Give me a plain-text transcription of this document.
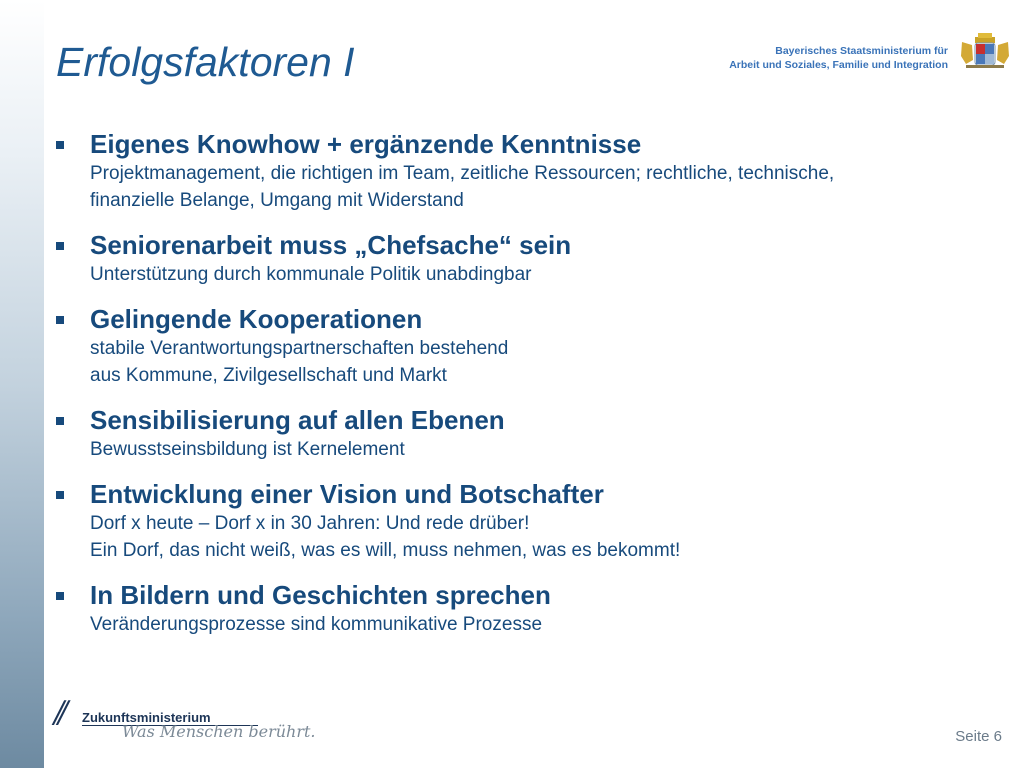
Erfolgsfaktoren I	Bayerisches Staatsministerium für
Arbeit und Soziales, Familie und Integration
Eigenes Knowhow + ergänzende Kenntnisse
Projektmanagement, die richtigen im Team, zeitliche Ressourcen; rechtliche, technische,
finanzielle Belange, Umgang mit Widerstand
Seniorenarbeit muss „Chefsache“ sein
Unterstützung durch kommunale Politik unabdingbar
Gelingende Kooperationen
stabile Verantwortungspartnerschaften bestehend
aus Kommune, Zivilgesellschaft und Markt
Sensibilisierung auf allen Ebenen
Bewusstseinsbildung ist Kernelement
Entwicklung einer Vision und Botschafter
Dorf x heute – Dorf x in 30 Jahren: Und rede drüber!
Ein Dorf, das nicht weiß, was es will, muss nehmen, was es bekommt!
In Bildern und Geschichten sprechen
Veränderungsprozesse sind kommunikative Prozesse
// Zukunftsministerium
Was Menschen berührt.	Seite 6
